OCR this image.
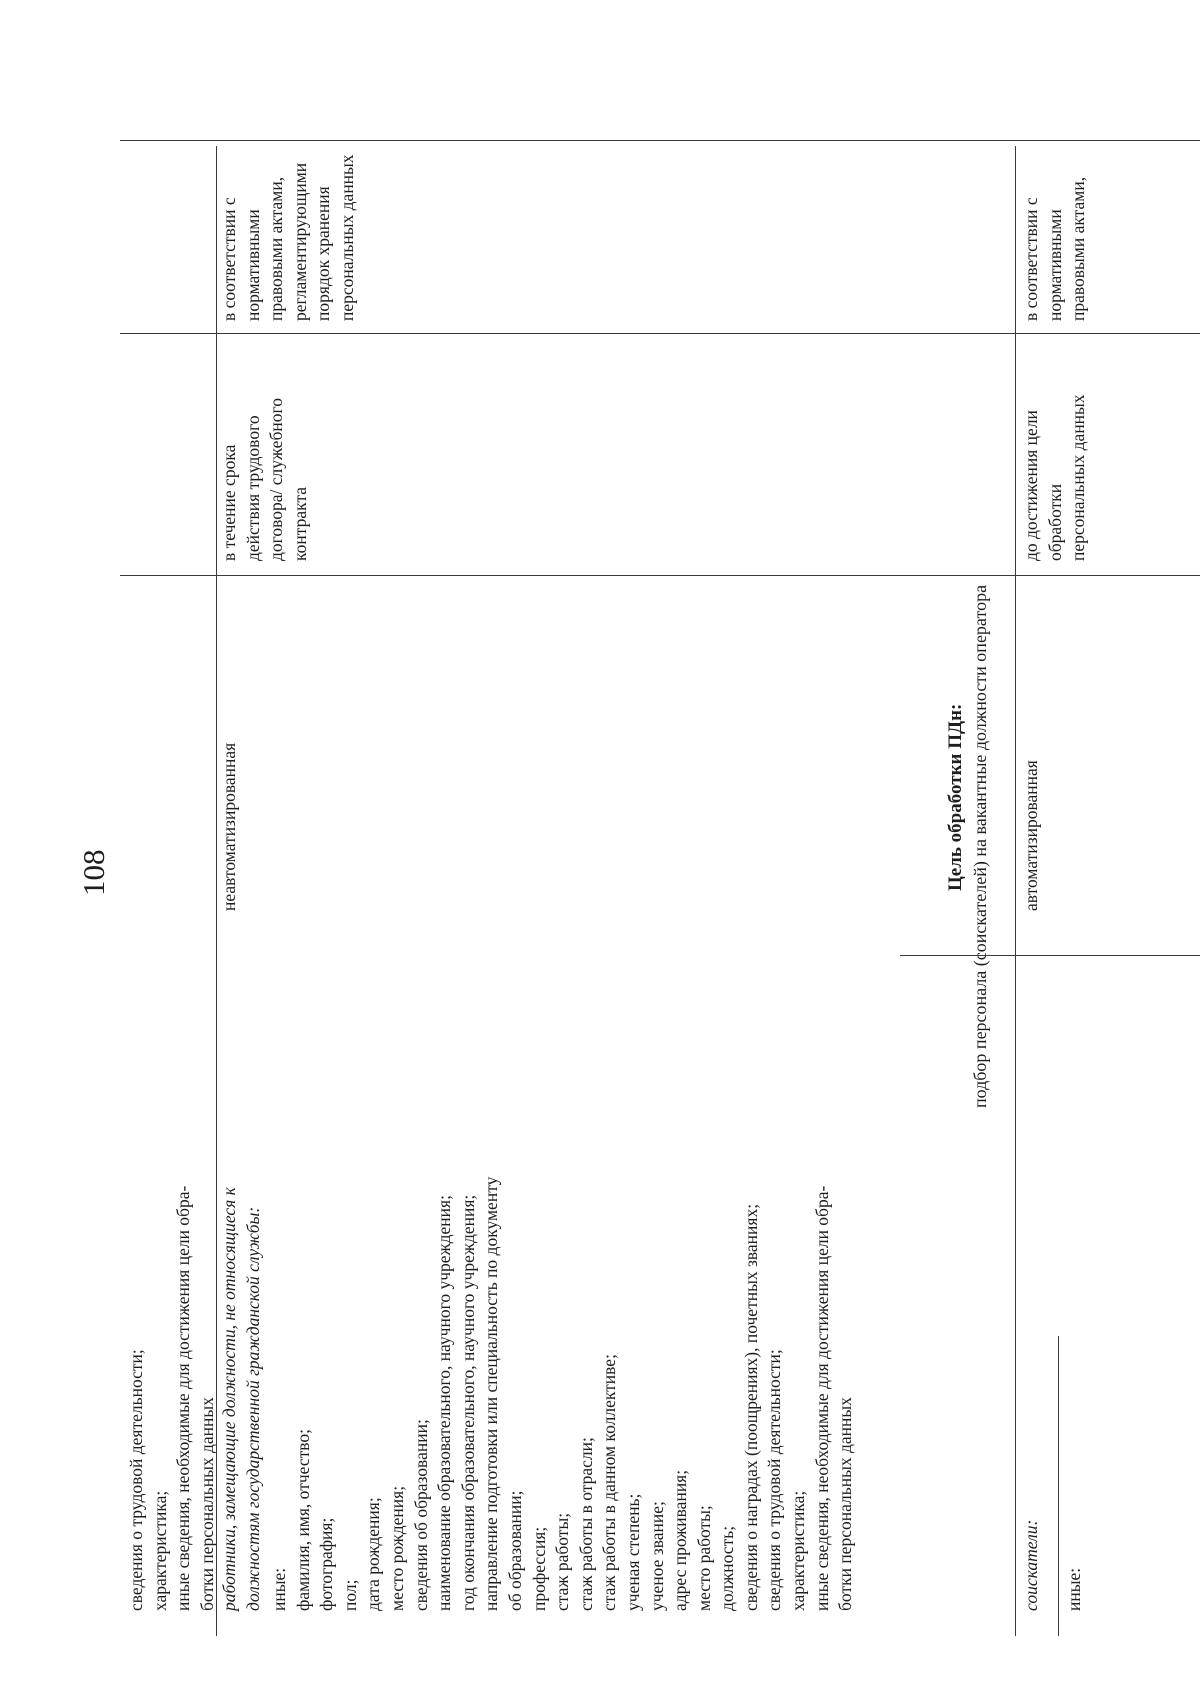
108
сведения о трудовой деятельности; характеристика; иные сведения, необходимые для достижения цели обра- ботки персональных данных работники, замещающие должности, не относящиеся к должностям государственной гражданской службы: иные: фамилия, имя, отчество; фотография; пол; дата рождения; место рождения; сведения об образовании; наименование образовательного, научного учреждения; год окончания образовательного, научного учреждения; направление подготовки или специальность по документу об образовании; профессия; стаж работы; стаж работы в отрасли; стаж работы в данном коллективе; ученая степень; ученое звание; адрес проживания; место работы; должность; сведения о наградах (поощрениях), почетных званиях; сведения о трудовой деятельности; характеристика; иные сведения, необходимые для достижения цели обра- ботки персональных данных
неавтоматизированная
в течение срока действия трудового договора/ служебного контракта
в соответствии с нормативными правовыми актами, регламентирующими порядок хранения персональных данных
Цель обработки ПДн: подбор персонала (соискателей) на вакантные должности оператора
соискатели: иные:
автоматизированная
до достижения цели обработки персональных данных
в соответствии с нормативными правовыми актами,
